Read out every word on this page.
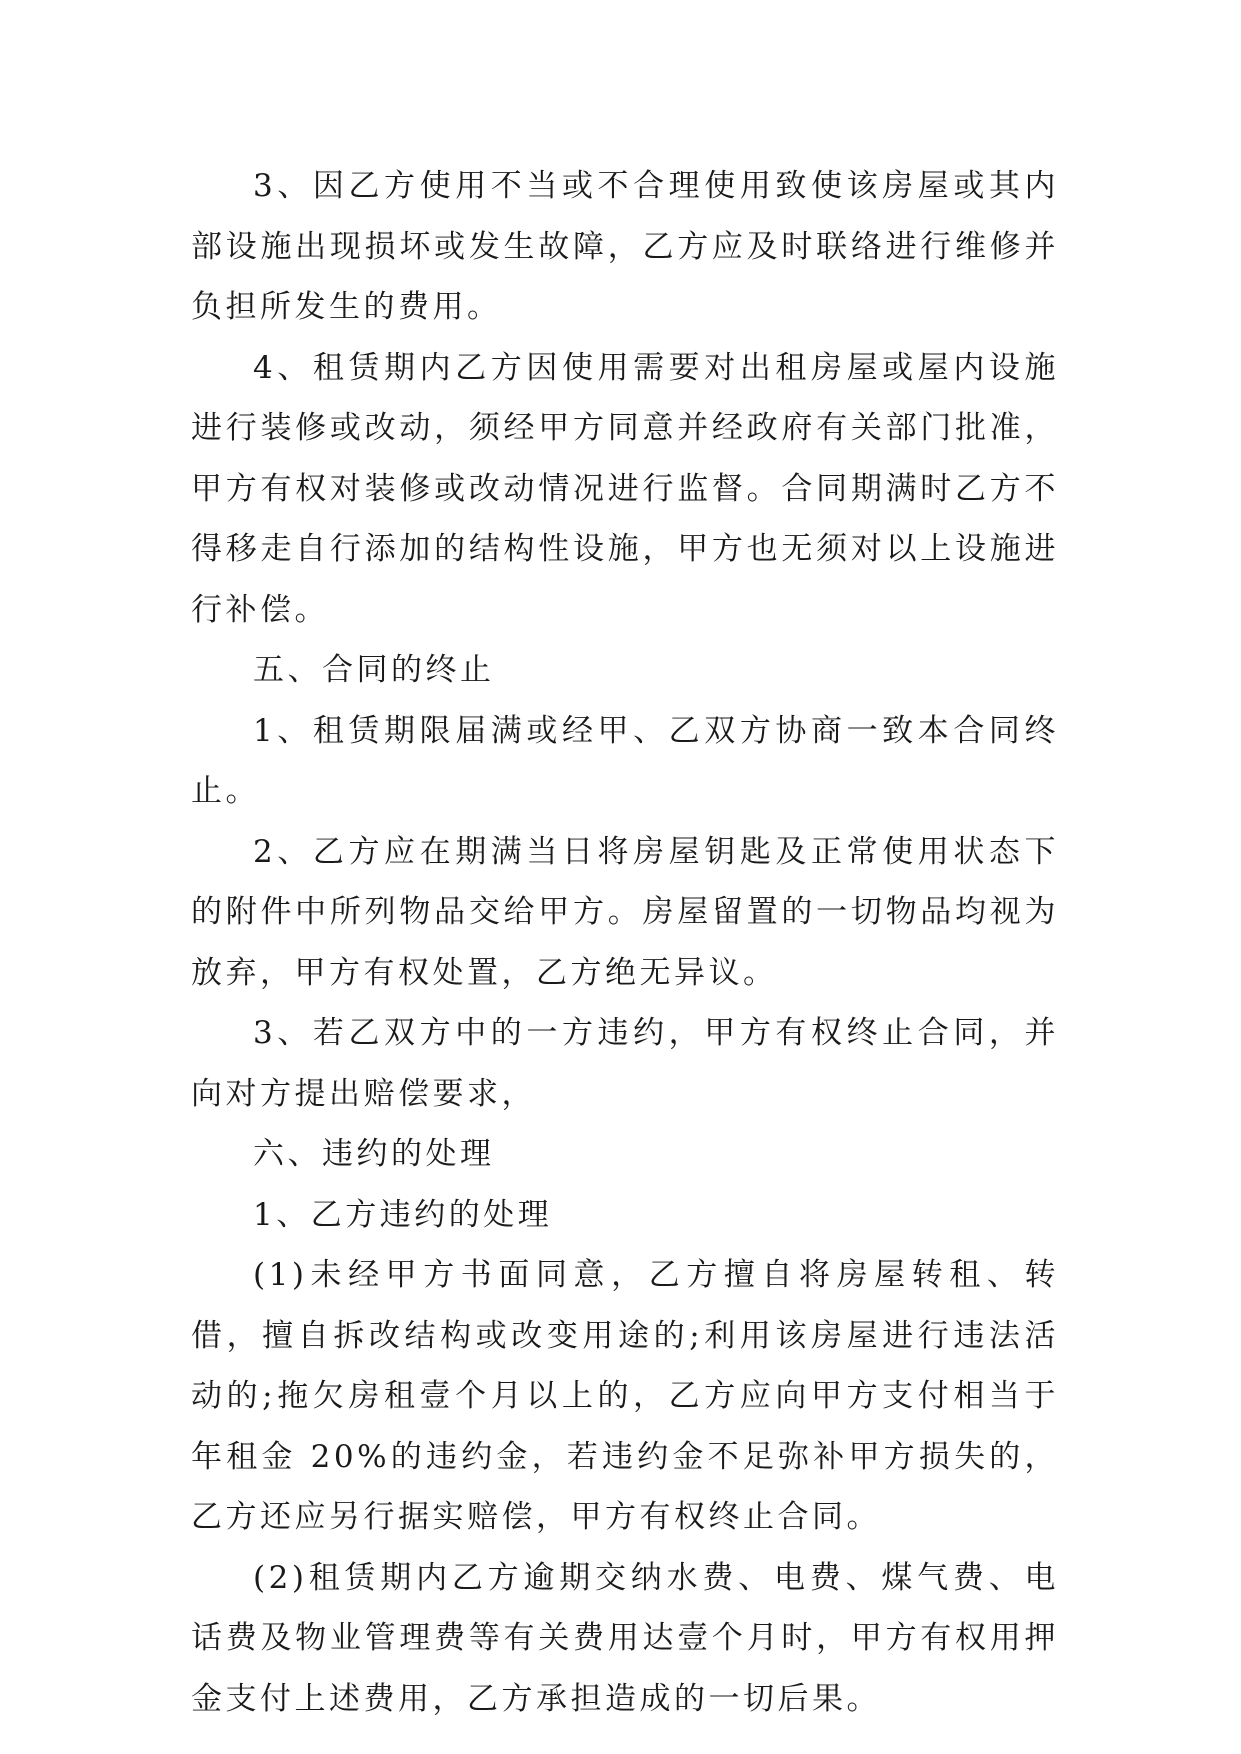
3、因乙方使用不当或不合理使用致使该房屋或其内部设施出现损坏或发生故障，乙方应及时联络进行维修并负担所发生的费用。

4、租赁期内乙方因使用需要对出租房屋或屋内设施进行装修或改动，须经甲方同意并经政府有关部门批准，甲方有权对装修或改动情况进行监督。合同期满时乙方不得移走自行添加的结构性设施，甲方也无须对以上设施进行补偿。

五、合同的终止

1、租赁期限届满或经甲、乙双方协商一致本合同终止。

2、乙方应在期满当日将房屋钥匙及正常使用状态下的附件中所列物品交给甲方。房屋留置的一切物品均视为放弃，甲方有权处置，乙方绝无异议。

3、若乙双方中的一方违约，甲方有权终止合同，并向对方提出赔偿要求，

六、违约的处理

1、乙方违约的处理

(1)未经甲方书面同意，乙方擅自将房屋转租、转借，擅自拆改结构或改变用途的;利用该房屋进行违法活动的;拖欠房租壹个月以上的，乙方应向甲方支付相当于年租金 20%的违约金，若违约金不足弥补甲方损失的，乙方还应另行据实赔偿，甲方有权终止合同。

(2)租赁期内乙方逾期交纳水费、电费、煤气费、电话费及物业管理费等有关费用达壹个月时，甲方有权用押金支付上述费用，乙方承担造成的一切后果。
